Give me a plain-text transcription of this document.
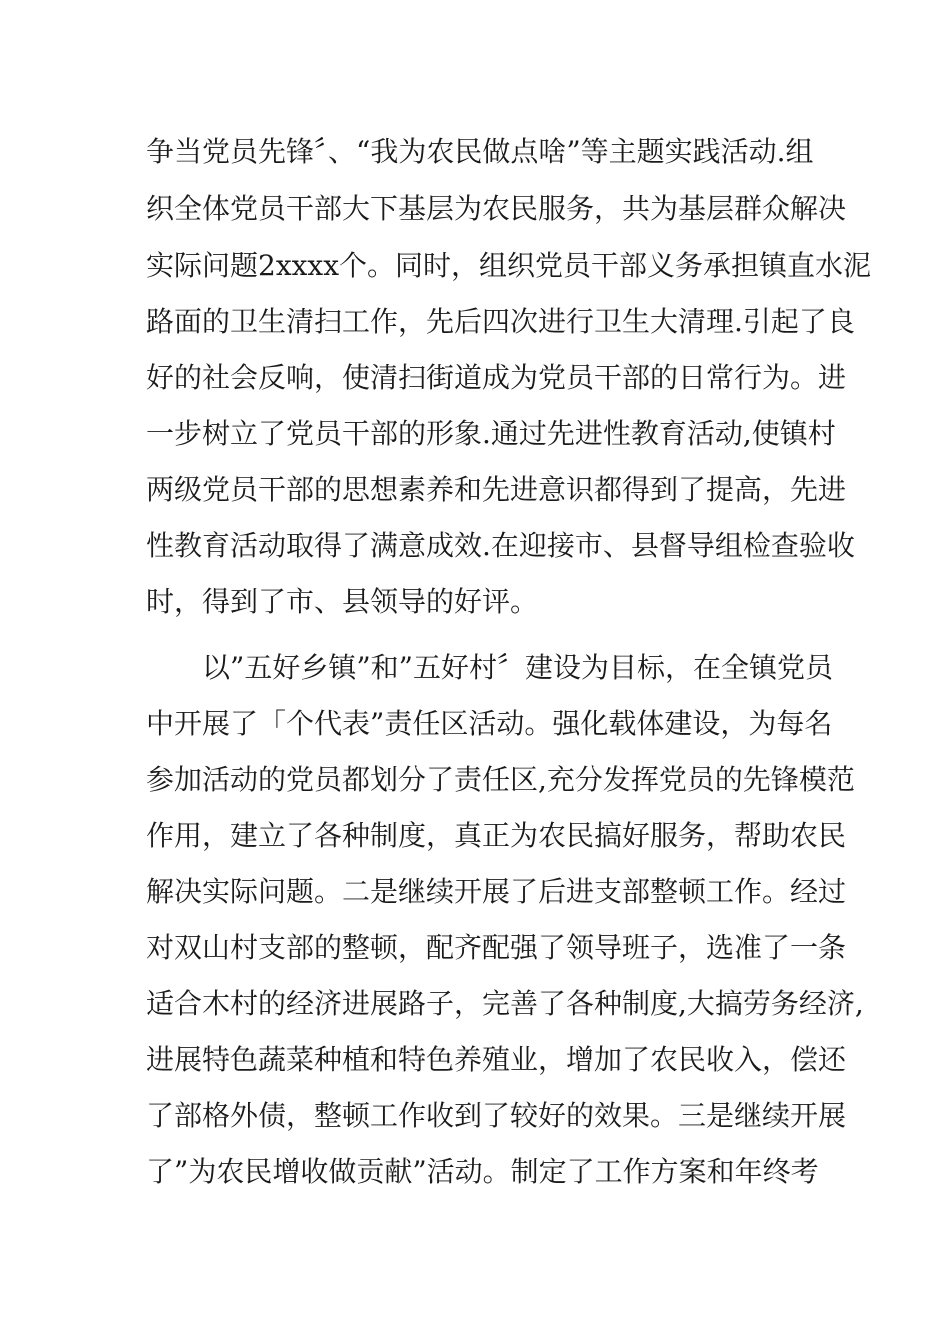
争当党员先锋〞、“我为农民做点啥”等主题实践活动.组
织全体党员干部大下基层为农民服务，共为基层群众解决
实际问题2xxxx个。同时，组织党员干部义务承担镇直水泥
路面的卫生清扫工作，先后四次进行卫生大清理.引起了良
好的社会反响，使清扫街道成为党员干部的日常行为。进
一步树立了党员干部的形象.通过先进性教育活动,使镇村
两级党员干部的思想素养和先进意识都得到了提高，先进
性教育活动取得了满意成效.在迎接市、县督导组检查验收
时，得到了市、县领导的好评。
以”五好乡镇”和”五好村〞建设为目标，在全镇党员
中开展了「个代表”责任区活动。强化载体建设，为每名
参加活动的党员都划分了责任区,充分发挥党员的先锋模范
作用，建立了各种制度，真正为农民搞好服务，帮助农民
解决实际问题。二是继续开展了后进支部整顿工作。经过
对双山村支部的整顿，配齐配强了领导班子，选准了一条
适合木村的经济进展路子，完善了各种制度,大搞劳务经济,
进展特色蔬菜种植和特色养殖业，增加了农民收入，偿还
了部格外债，整顿工作收到了较好的效果。三是继续开展
了”为农民增收做贡献”活动。制定了工作方案和年终考
